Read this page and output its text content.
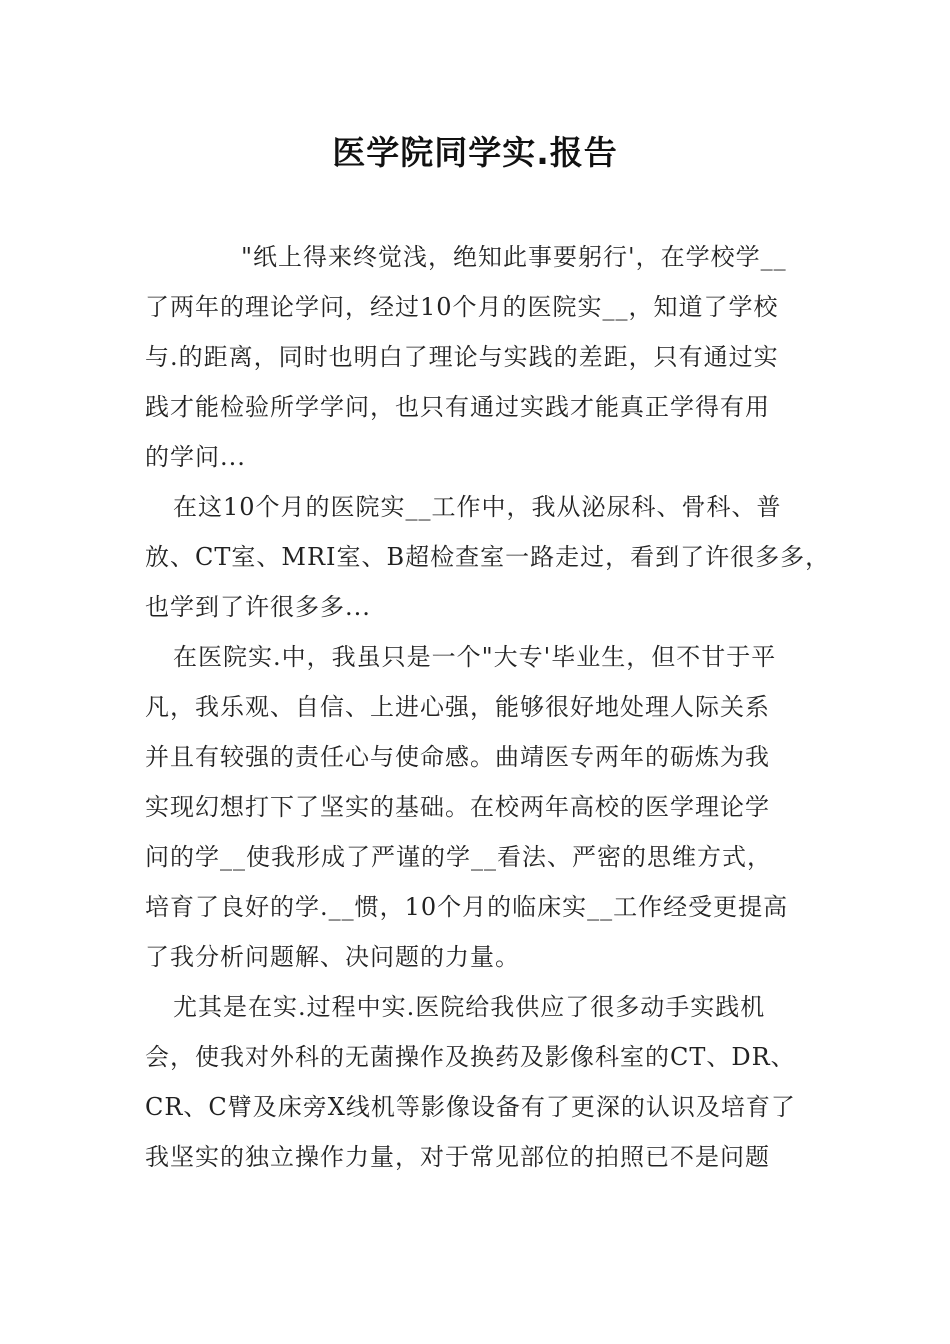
医学院同学实.报告
"纸上得来终觉浅，绝知此事要躬行'，在学校学__
了两年的理论学问，经过10个月的医院实__，知道了学校
与.的距离，同时也明白了理论与实践的差距，只有通过实
践才能检验所学学问，也只有通过实践才能真正学得有用
的学问...
在这10个月的医院实__工作中，我从泌尿科、骨科、普
放、CT室、MRI室、B超检查室一路走过，看到了许很多多，
也学到了许很多多...
在医院实.中，我虽只是一个"大专'毕业生，但不甘于平
凡，我乐观、自信、上进心强，能够很好地处理人际关系
并且有较强的责任心与使命感。曲靖医专两年的砺炼为我
实现幻想打下了坚实的基础。在校两年高校的医学理论学
问的学__使我形成了严谨的学__看法、严密的思维方式，
培育了良好的学.__惯，10个月的临床实__工作经受更提高
了我分析问题解、决问题的力量。
尤其是在实.过程中实.医院给我供应了很多动手实践机
会，使我对外科的无菌操作及换药及影像科室的CT、DR、
CR、C臂及床旁X线机等影像设备有了更深的认识及培育了
我坚实的独立操作力量，对于常见部位的拍照已不是问题
